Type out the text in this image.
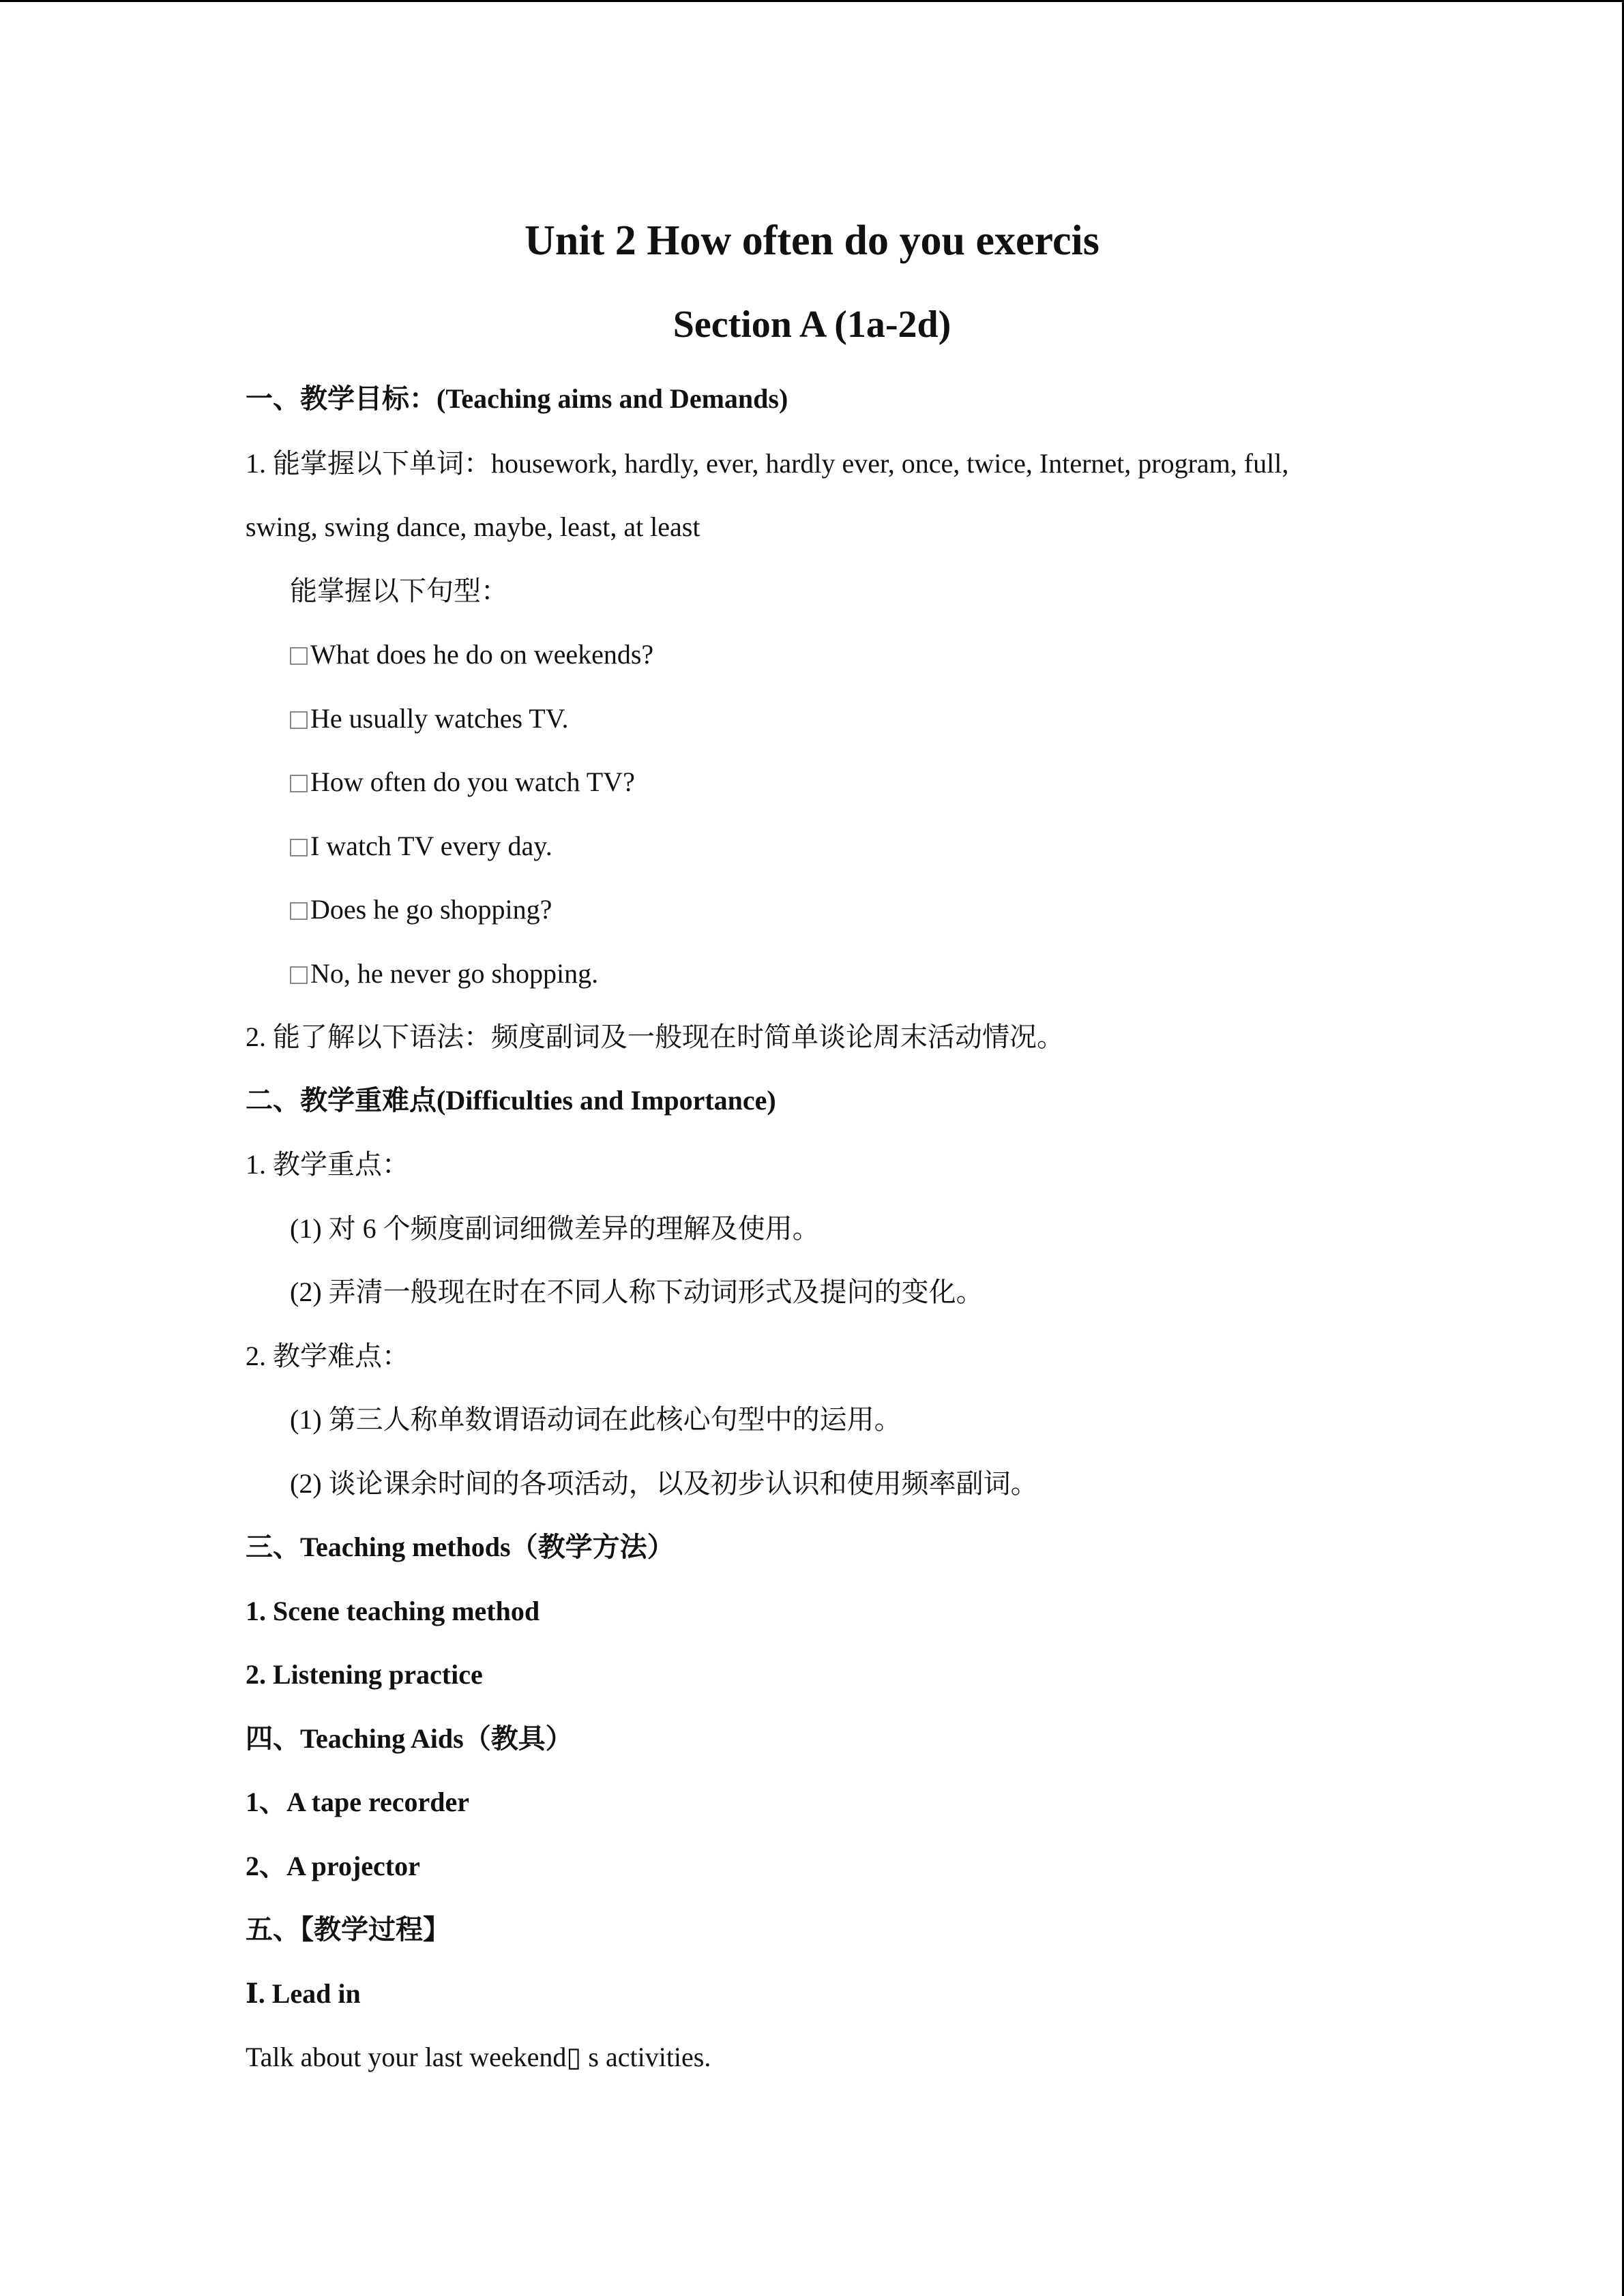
Unit 2 How often do you exercis
Section A (1a-2d)
一、教学目标：(Teaching aims and Demands)
1. 能掌握以下单词：housework, hardly, ever, hardly ever, once, twice, Internet, program, full,
swing, swing dance, maybe, least, at least
能掌握以下句型：
What does he do on weekends?
He usually watches TV.
How often do you watch TV?
I watch TV every day.
Does he go shopping?
No, he never go shopping.
2. 能了解以下语法：频度副词及一般现在时简单谈论周末活动情况。
二、教学重难点(Difficulties and Importance)
1. 教学重点：
(1) 对 6 个频度副词细微差异的理解及使用。
(2) 弄清一般现在时在不同人称下动词形式及提问的变化。
2. 教学难点：
(1) 第三人称单数谓语动词在此核心句型中的运用。
(2) 谈论课余时间的各项活动，以及初步认识和使用频率副词。
三、Teaching methods（教学方法）
1. Scene teaching method
2. Listening practice
四、Teaching Aids（教具）
1、A tape recorder
2、A projector
五、【教学过程】
Ⅰ. Lead in
Talk about your last weekend▯ s activities.
